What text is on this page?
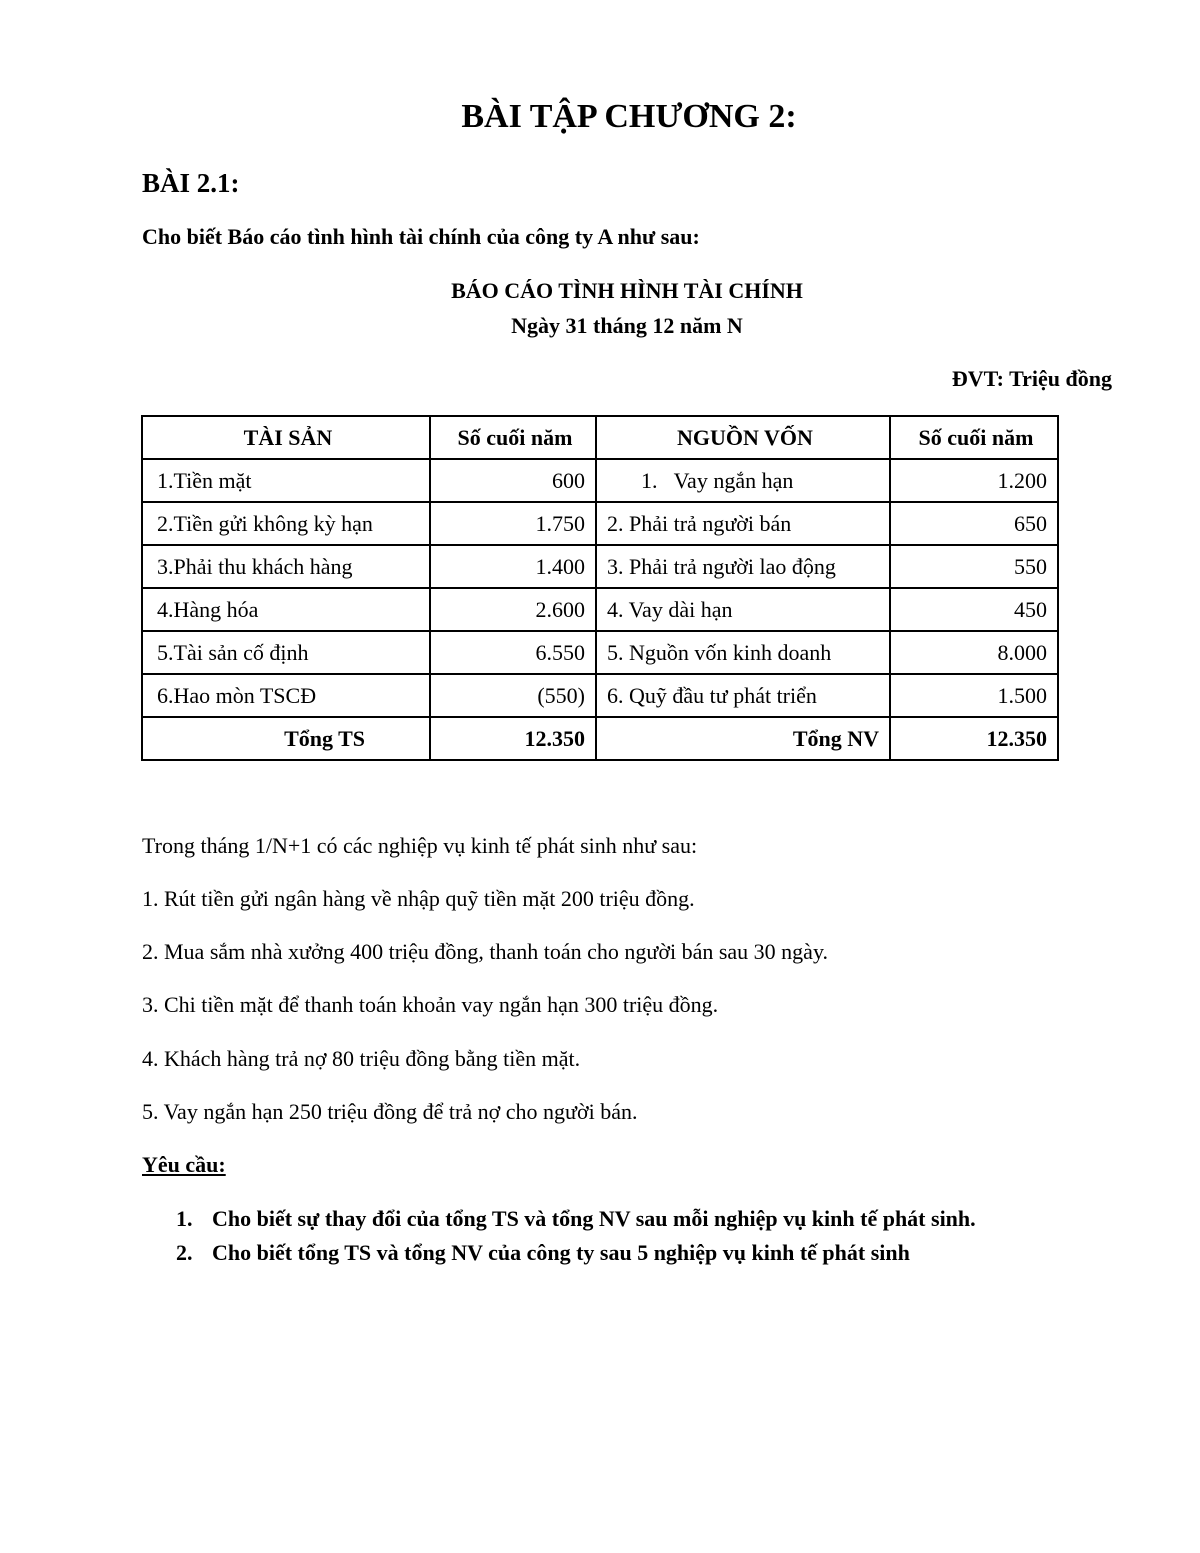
BÀI TẬP CHƯƠNG 2:
BÀI 2.1:
Cho biết Báo cáo tình hình tài chính của công ty A như sau:
BÁO CÁO TÌNH HÌNH TÀI CHÍNH
Ngày 31 tháng 12 năm N
ĐVT: Triệu đồng
TÀI SẢN	Số cuối năm	NGUỒN VỐN	Số cuối năm
1.Tiền mặt	600	1.   Vay ngắn hạn	1.200
2.Tiền gửi không kỳ hạn	1.750	2. Phải trả người bán	650
3.Phải thu khách hàng	1.400	3. Phải trả người lao động	550
4.Hàng hóa	2.600	4. Vay dài hạn	450
5.Tài sản cố định	6.550	5. Nguồn vốn kinh doanh	8.000
6.Hao mòn TSCĐ	(550)	6. Quỹ đầu tư phát triển	1.500
Tổng TS	12.350	Tổng NV	12.350
Trong tháng 1/N+1 có các nghiệp vụ kinh tế phát sinh như sau:
1. Rút tiền gửi ngân hàng về nhập quỹ tiền mặt 200 triệu đồng.
2. Mua sắm nhà xưởng 400 triệu đồng, thanh toán cho người bán sau 30 ngày.
3. Chi tiền mặt để thanh toán khoản vay ngắn hạn 300 triệu đồng.
4. Khách hàng trả nợ 80 triệu đồng bằng tiền mặt.
5. Vay ngắn hạn 250 triệu đồng để trả nợ cho người bán.
Yêu cầu:
1. Cho biết sự thay đổi của tổng TS và tổng NV sau mỗi nghiệp vụ kinh tế phát sinh.
2. Cho biết tổng TS và tổng NV của công ty sau 5 nghiệp vụ kinh tế phát sinh
